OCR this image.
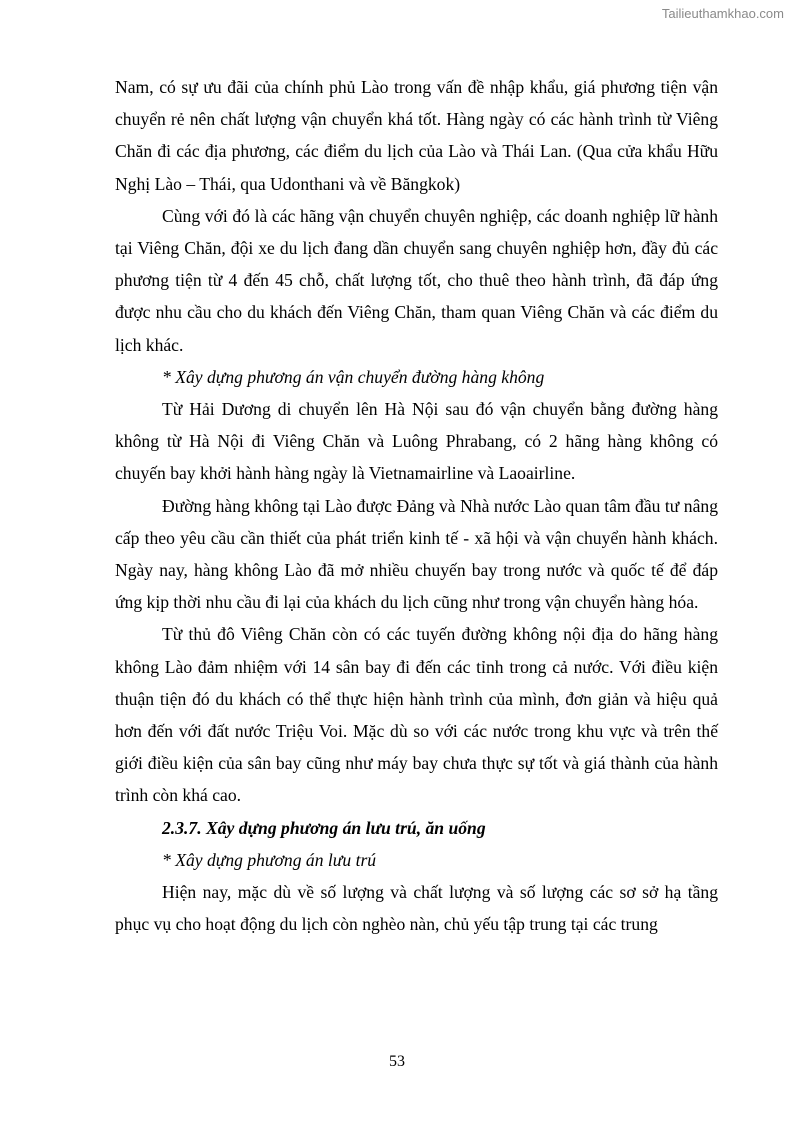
Tailieuthamkhao.com

Nam, có sự ưu đãi của chính phủ Lào trong vấn đề nhập khẩu, giá phương tiện vận chuyển rẻ nên chất lượng vận chuyển khá tốt. Hàng ngày có các hành trình từ Viêng Chăn đi các địa phương, các điểm du lịch của Lào và Thái Lan. (Qua cửa khẩu Hữu Nghị Lào – Thái, qua Udonthani và về Băngkok)

Cùng với đó là các hãng vận chuyển chuyên nghiệp, các doanh nghiệp lữ hành tại Viêng Chăn, đội xe du lịch đang dần chuyển sang chuyên nghiệp hơn, đầy đủ các phương tiện từ 4 đến 45 chỗ, chất lượng tốt, cho thuê theo hành trình, đã đáp ứng được nhu cầu cho du khách đến Viêng Chăn, tham quan Viêng Chăn và các điểm du lịch khác.

* Xây dựng phương án vận chuyển đường hàng không

Từ Hải Dương di chuyển lên Hà Nội sau đó vận chuyển bằng đường hàng không từ Hà Nội đi Viêng Chăn và Luông Phrabang, có 2 hãng hàng không có chuyến bay khởi hành hàng ngày là Vietnamairline và Laoairline.

Đường hàng không tại Lào được Đảng và Nhà nước Lào quan tâm đầu tư nâng cấp theo yêu cầu cần thiết của phát triển kinh tế - xã hội và vận chuyển hành khách. Ngày nay, hàng không Lào đã mở nhiều chuyến bay trong nước và quốc tế để đáp ứng kịp thời nhu cầu đi lại của khách du lịch cũng như trong vận chuyển hàng hóa.

Từ thủ đô Viêng Chăn còn có các tuyến đường không nội địa do hãng hàng không Lào đảm nhiệm với 14 sân bay đi đến các tỉnh trong cả nước. Với điều kiện thuận tiện đó du khách có thể thực hiện hành trình của mình, đơn giản và hiệu quả hơn đến với đất nước Triệu Voi. Mặc dù so với các nước trong khu vực và trên thế giới điều kiện của sân bay cũng như máy bay chưa thực sự tốt và giá thành của hành trình còn khá cao.

2.3.7. Xây dựng phương án lưu trú, ăn uống

* Xây dựng phương án lưu trú

Hiện nay, mặc dù về số lượng và chất lượng và số lượng các sơ sở hạ tầng phục vụ cho hoạt động du lịch còn nghèo nàn, chủ yếu tập trung tại các trung

53
